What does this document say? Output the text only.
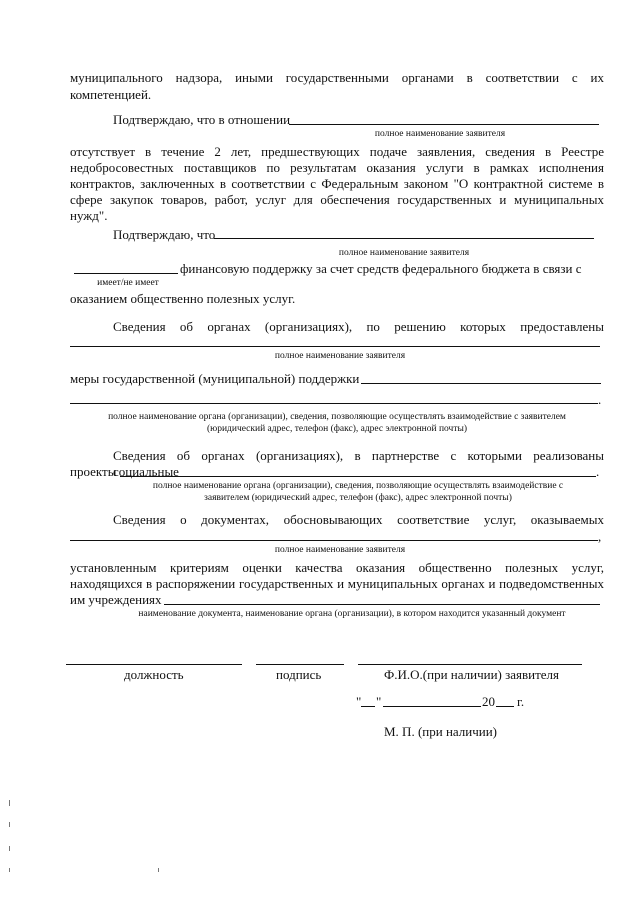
муниципального надзора, иными государственными органами в соответствии с их
компетенцией.
Подтверждаю, что в отношении
полное наименование заявителя
отсутствует в течение 2 лет, предшествующих подаче заявления, сведения в Реестре
недобросовестных поставщиков по результатам оказания услуги в рамках исполнения
контрактов, заключенных в соответствии с Федеральным законом "О контрактной системе в
сфере закупок товаров, работ, услуг для обеспечения государственных и муниципальных
нужд".
Подтверждаю, что
полное наименование заявителя
финансовую поддержку за счет средств федерального бюджета в связи с
имеет/не имеет
оказанием общественно полезных услуг.
Сведения об органах (организациях), по решению которых предоставлены
полное наименование заявителя
меры государственной (муниципальной) поддержки
.
полное наименование органа (организации), сведения, позволяющие осуществлять взаимодействие с заявителем
(юридический адрес, телефон (факс), адрес электронной почты)
Сведения об органах (организациях), в партнерстве с которыми реализованы социальные
проекты	.
полное наименование органа (организации), сведения, позволяющие осуществлять взаимодействие с
заявителем (юридический адрес, телефон (факс), адрес электронной почты)
Сведения о документах, обосновывающих соответствие услуг, оказываемых
,
полное наименование заявителя
установленным критериям оценки качества оказания общественно полезных услуг,
находящихся в распоряжении государственных и муниципальных органах и подведомственных
им учреждениях
наименование документа, наименование органа (организации), в котором находится указанный документ
должность	подпись	Ф.И.О.(при наличии) заявителя
" "	20 г.
М. П. (при наличии)
